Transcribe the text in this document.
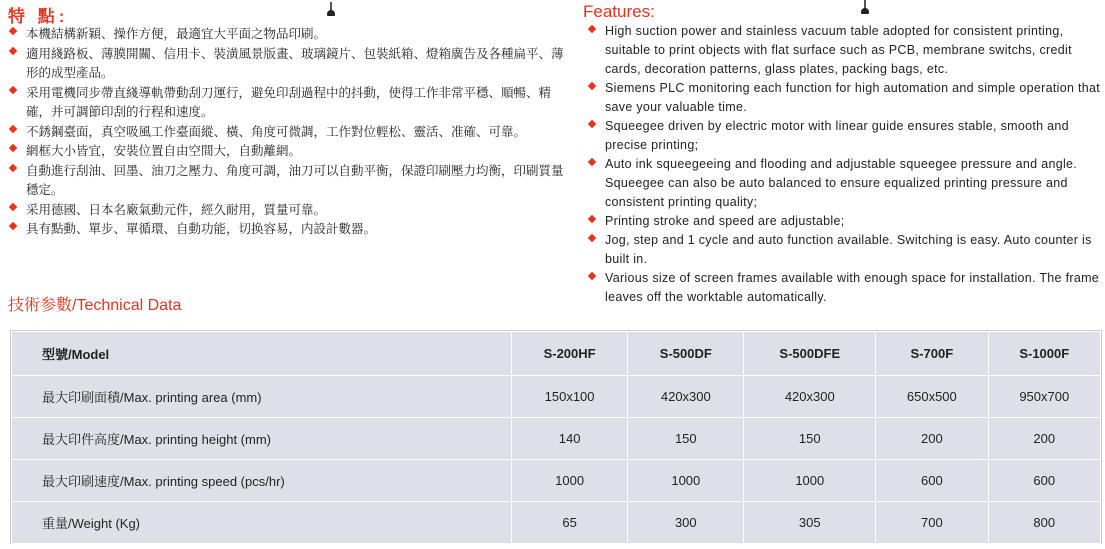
特 點:	Features:
本機結構新穎、操作方便，最適宜大平面之物品印刷。
適用綫路板、薄膜開關、信用卡、裝潢風景版畫、玻璃鏡片、包裝紙箱、燈箱廣告及各種扁平、薄形的成型產品。
采用電機同步帶直綫導軌帶動刮刀運行，避免印刮過程中的抖動，使得工作非常平穩、順暢、精確，并可調節印刮的行程和速度。
不銹鋼臺面，真空吸風工作臺面縱、橫、角度可微調，工作對位輕松、靈活、准確、可靠。
網框大小皆宜，安裝位置自由空間大，自動離網。
自動進行刮油、回墨、油刀之壓力、角度可調，油刀可以自動平衡，保證印刷壓力均衡，印刷質量穩定。
采用德國、日本名廠氣動元件，經久耐用，質量可靠。
具有點動、單步、單循環、自動功能，切换容易，内設計數器。
High suction power and stainless vacuum table adopted for consistent printing, suitable to print objects with flat surface such as PCB, membrane switchs, credit cards, decoration patterns, glass plates, packing bags, etc.
Siemens PLC monitoring each function for high automation and simple operation that save your valuable time.
Squeegee driven by electric motor with linear guide ensures stable, smooth and precise printing;
Auto ink squeegeeing and flooding and adjustable squeegee pressure and angle. Squeegee can also be auto balanced to ensure equalized printing pressure and consistent printing quality;
Printing stroke and speed are adjustable;
Jog, step and 1 cycle and auto function available. Switching is easy. Auto counter is built in.
Various size of screen frames available with enough space for installation. The frame leaves off the worktable automatically.
技術参數/Technical Data
型號/Model	S-200HF	S-500DF	S-500DFE	S-700F	S-1000F
最大印刷面積/Max. printing area (mm)	150x100	420x300	420x300	650x500	950x700
最大印件高度/Max. printing height (mm)	140	150	150	200	200
最大印刷速度/Max. printing speed (pcs/hr)	1000	1000	1000	600	600
重量/Weight (Kg)	65	300	305	700	800
